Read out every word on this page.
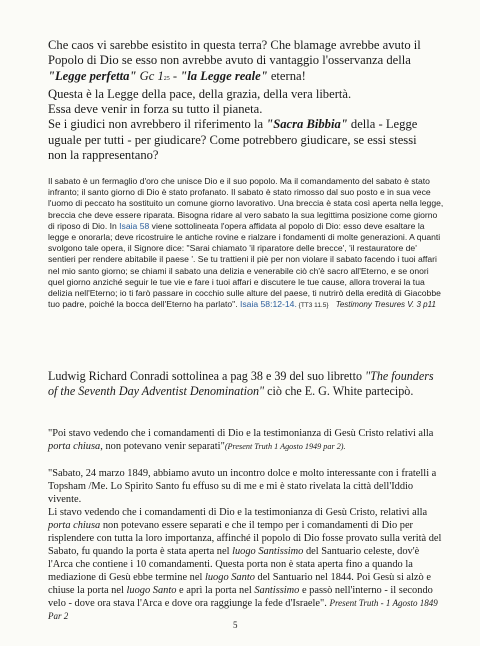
Che caos vi sarebbe esistito in questa terra? Che blamage avrebbe avuto il
Popolo di Dio se esso non avrebbe avuto di vantaggio l'osservanza della
"Legge perfetta" Gc 125 - "la Legge reale" eterna!
Questa è la Legge della pace, della grazia, della vera libertà.
Essa deve venir in forza su tutto il pianeta.
Se i giudici non avrebbero il riferimento la "Sacra Bibbia" della - Legge
uguale per tutti - per giudicare? Come potrebbero giudicare, se essi stessi
non la rappresentano?

Il sabato è un fermaglio d'oro che unisce Dio e il suo popolo. Ma il comandamento del sabato è stato infranto; il santo giorno di Dio è stato profanato. Il sabato è stato rimosso dal suo posto e in sua vece l'uomo di peccato ha sostituito un comune giorno lavorativo. Una breccia è stata così aperta nella legge, breccia che deve essere riparata. Bisogna ridare al vero sabato la sua legittima posizione come giorno di riposo di Dio. In Isaia 58 viene sottolineata l'opera affidata al popolo di Dio: esso deve esaltare la legge e onorarla; deve ricostruire le antiche rovine e rialzare i fondamenti di molte generazioni. A quanti svolgono tale opera, il Signore dice: "Sarai chiamato 'il riparatore delle brecce', 'il restauratore de' sentieri per rendere abitabile il paese '. Se tu trattieni il piè per non violare il sabato facendo i tuoi affari nel mio santo giorno; se chiami il sabato una delizia e venerabile ciò ch'è sacro all'Eterno, e se onori quel giorno anziché seguir le tue vie e fare i tuoi affari e discutere le tue cause, allora troverai la tua delizia nell'Eterno; io ti farò passare in cocchio sulle alture del paese, ti nutrirò della eredità di Giacobbe tuo padre, poiché la bocca dell'Eterno ha parlato". Isaia 58:12-14. {TT3 11.5} Testimony Tresures V. 3 p11

Ludwig Richard Conradi sottolinea a pag 38 e 39 del suo libretto "The founders of the Seventh Day Adventist Denomination" ciò che E. G. White partecipò.

"Poi stavo vedendo che i comandamenti di Dio e la testimonianza di Gesù Cristo relativi alla porta chiusa, non potevano venir separati"(Present Truth 1 Agosto 1949 par 2).

"Sabato, 24 marzo 1849, abbiamo avuto un incontro dolce e molto interessante con i fratelli a Topsham /Me. Lo Spirito Santo fu effuso su di me e mi è stato rivelata la città dell'Iddio vivente.

Li stavo vedendo che i comandamenti di Dio e la testimonianza di Gesù Cristo, relativi alla porta chiusa non potevano essere separati e che il tempo per i comandamenti di Dio per risplendere con tutta la loro importanza, affinché il popolo di Dio fosse provato sulla verità del Sabato, fu quando la porta è stata aperta nel luogo Santissimo del Santuario celeste, dov'è l'Arca che contiene i 10 comandamenti. Questa porta non è stata aperta fino a quando la mediazione di Gesù ebbe termine nel luogo Santo del Santuario nel 1844. Poi Gesù si alzò e chiuse la porta nel luogo Santo e aprì la porta nel Santissimo e passò nell'interno - il secondo velo - dove ora stava l'Arca e dove ora raggiunge la fede d'Israele". Present Truth - 1 Agosto 1849 Par 2

5
